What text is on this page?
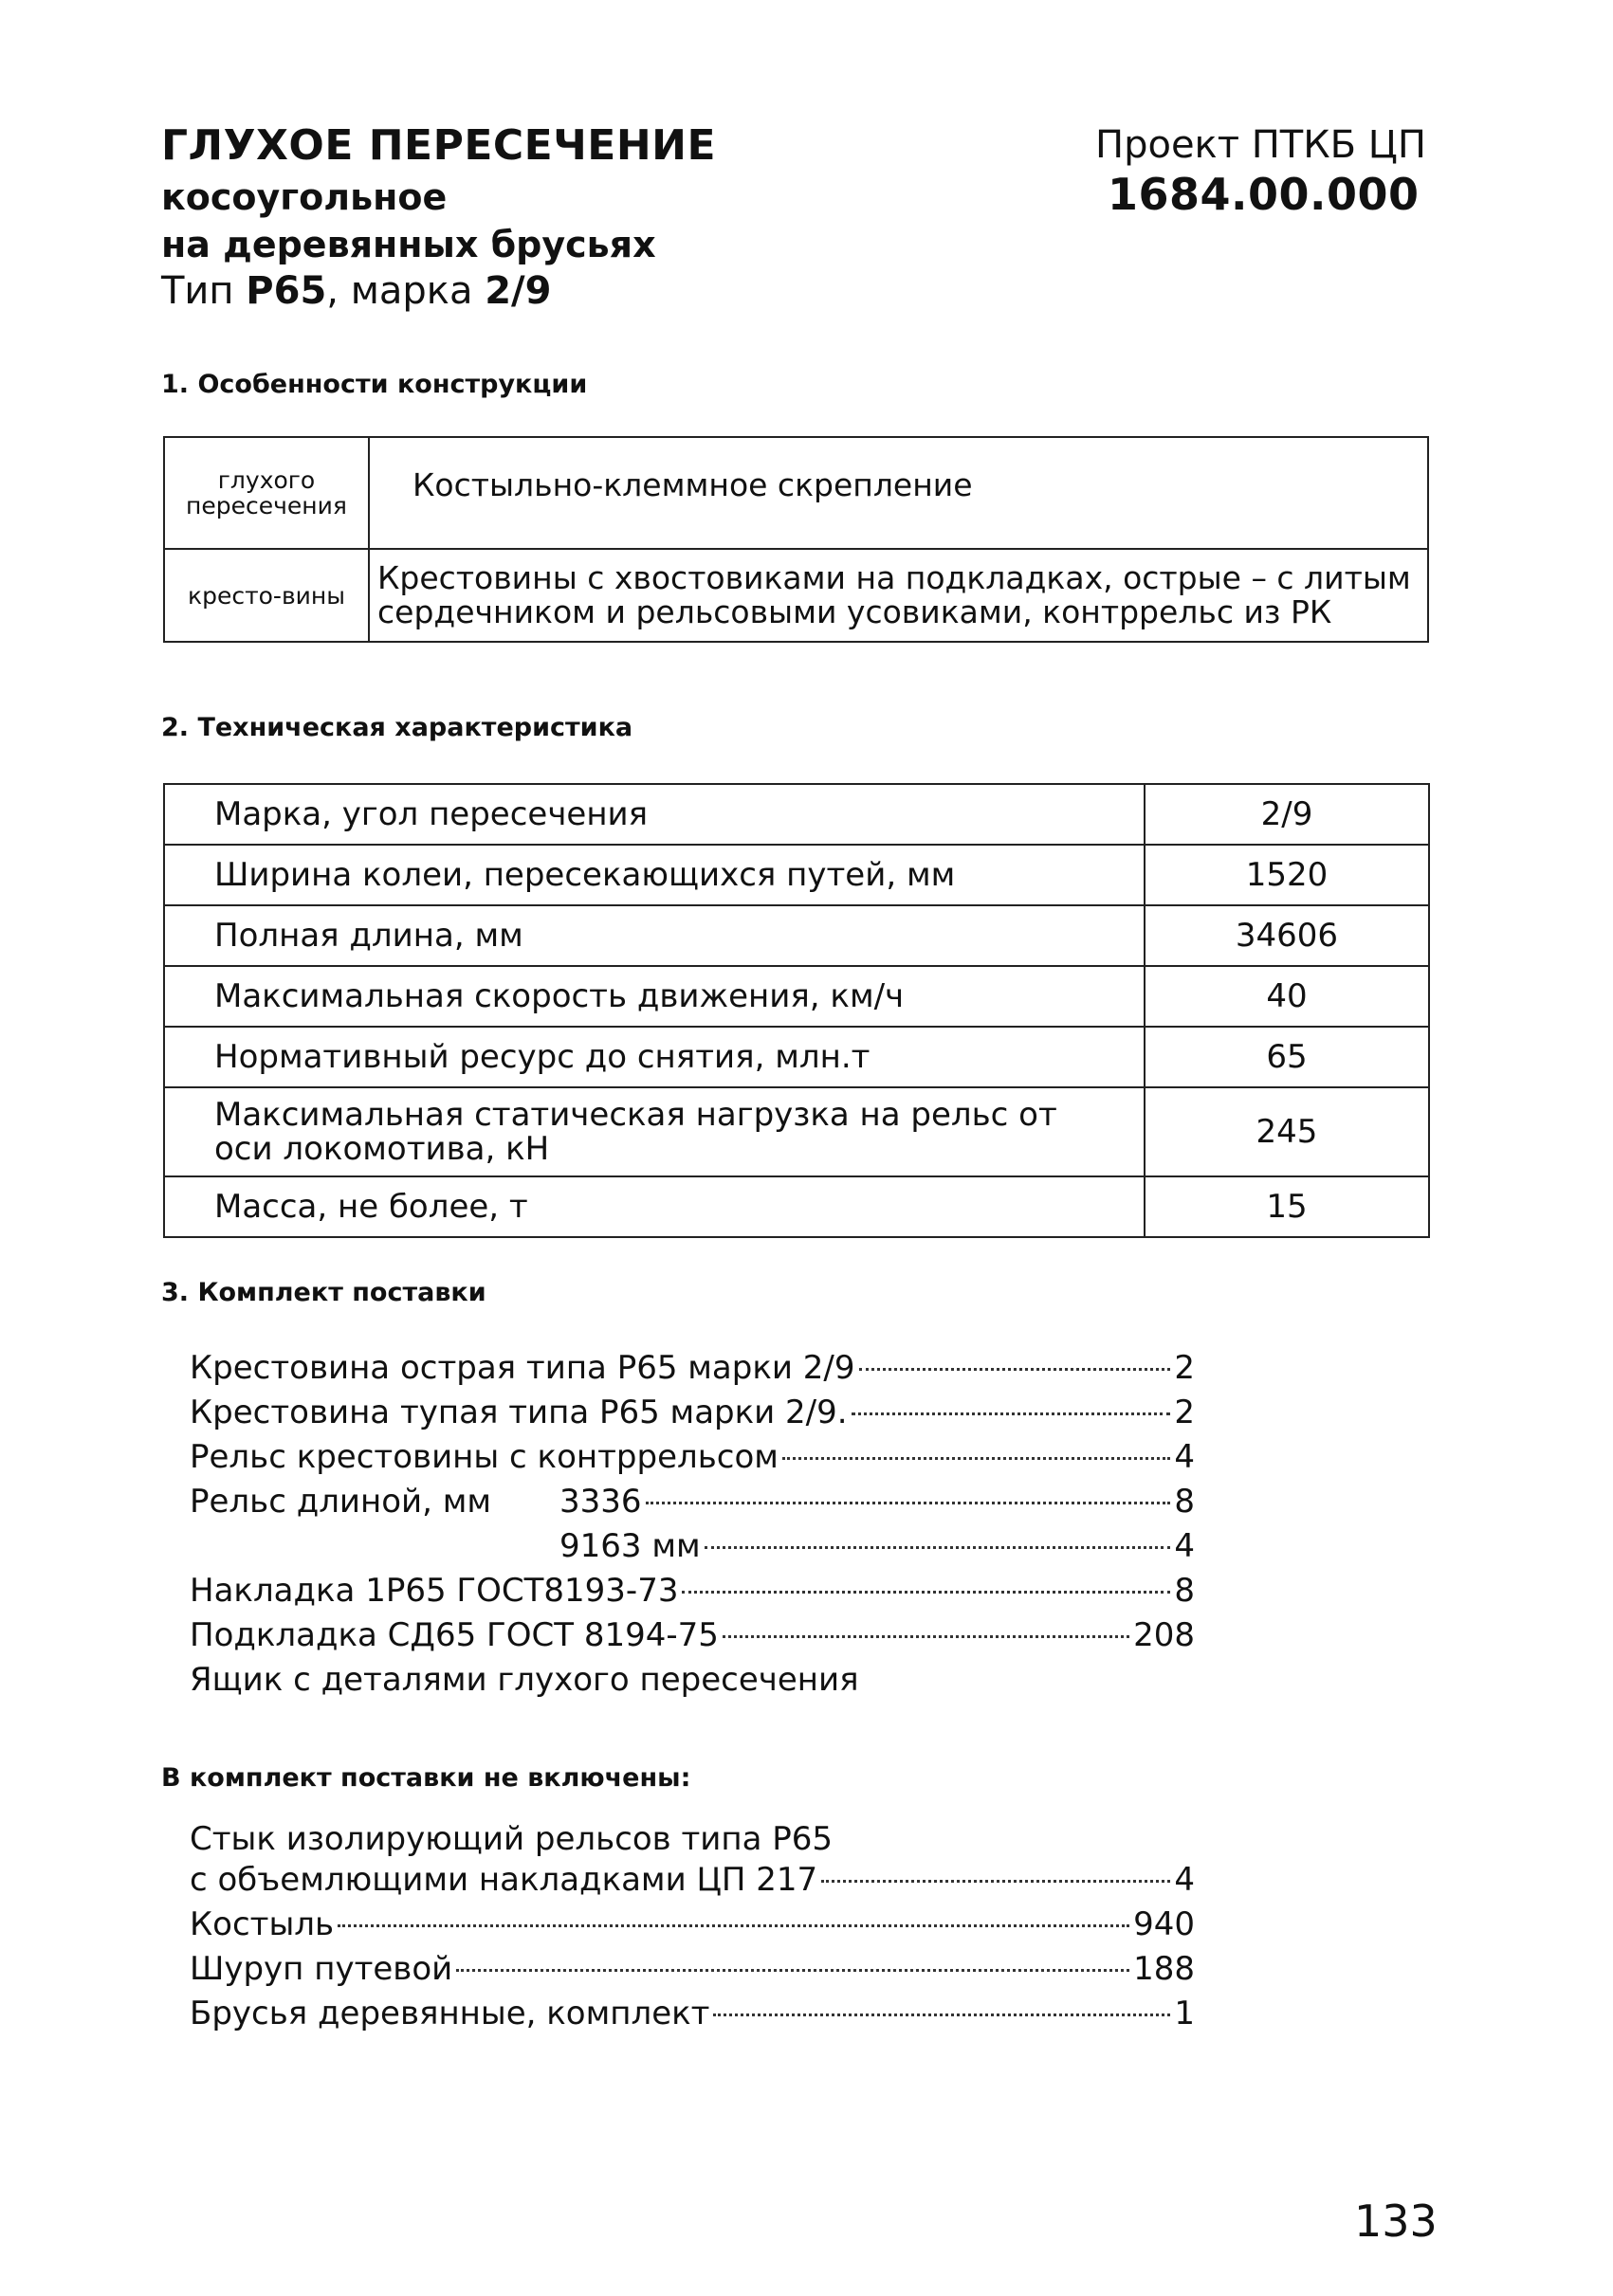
ГЛУХОЕ ПЕРЕСЕЧЕНИЕ
косоугольное
на деревянных брусьях
Тип Р65, марка 2/9
Проект ПТКБ ЦП
1684.00.000
1. Особенности конструкции
глухого пересечения	Костыльно-клеммное скрепление
кресто-вины	Крестовины с хвостовиками на подкладках, острые – с литым сердечником и рельсовыми усовиками, контррельс из РК
2. Техническая характеристика
Марка, угол пересечения	2/9
Ширина колеи, пересекающихся путей, мм	1520
Полная длина, мм	34606
Максимальная скорость движения, км/ч	40
Нормативный ресурс до снятия, млн.т	65
Максимальная статическая нагрузка на рельс от оси локомотива, кН	245
Масса, не более, т	15
3. Комплект поставки
Крестовина острая типа Р65 марки 2/9	2
Крестовина тупая типа Р65 марки 2/9.	2
Рельс крестовины с контррельсом	4
Рельс длиной, мм	3336	8
9163 мм	4
Накладка 1Р65 ГОСТ8193-73	8
Подкладка СД65 ГОСТ 8194-75	208
Ящик с деталями глухого пересечения
В комплект поставки не включены:
Стык изолирующий рельсов типа Р65
с объемлющими накладками ЦП 217	4
Костыль	940
Шуруп путевой	188
Брусья деревянные, комплект	1
133
